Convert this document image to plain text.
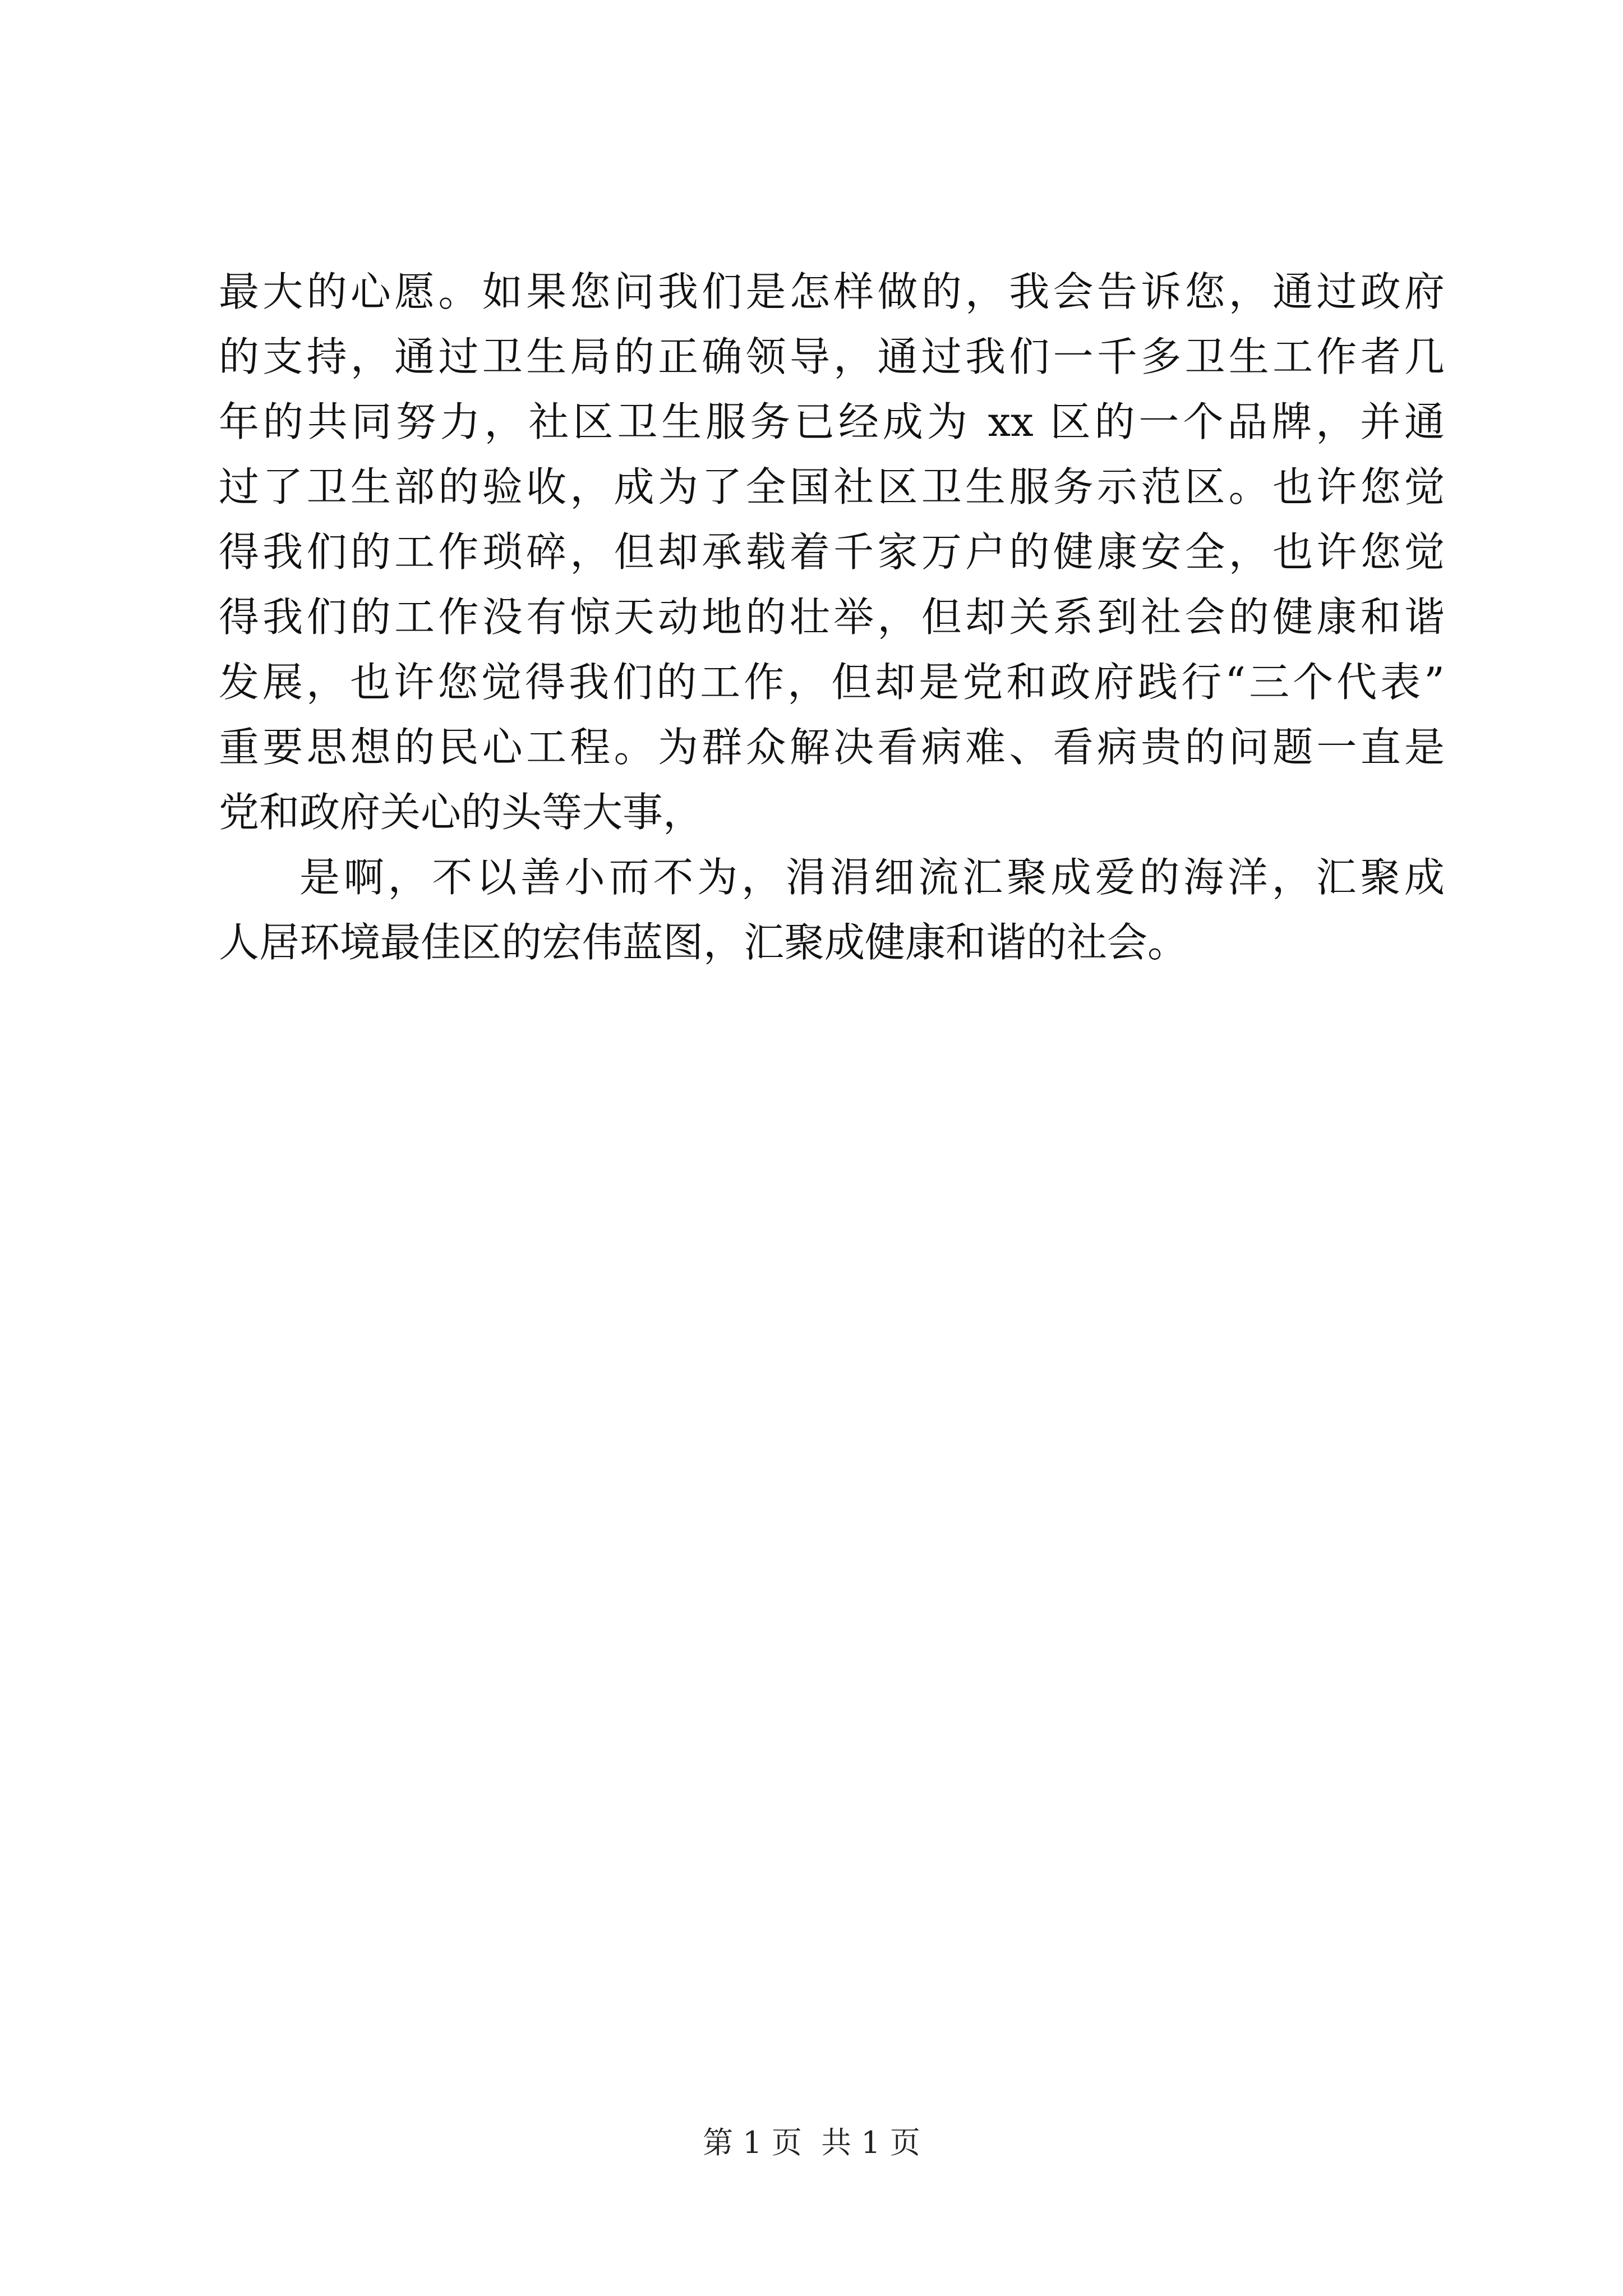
最大的心愿。如果您问我们是怎样做的，我会告诉您，通过政府
的支持，通过卫生局的正确领导，通过我们一千多卫生工作者几
年的共同努力，社区卫生服务已经成为 xx 区的一个品牌，并通
过了卫生部的验收，成为了全国社区卫生服务示范区。也许您觉
得我们的工作琐碎，但却承载着千家万户的健康安全，也许您觉
得我们的工作没有惊天动地的壮举，但却关系到社会的健康和谐
发展，也许您觉得我们的工作，但却是党和政府践行“三个代表”
重要思想的民心工程。为群众解决看病难、看病贵的问题一直是
党和政府关心的头等大事，
是啊，不以善小而不为，涓涓细流汇聚成爱的海洋，汇聚成
人居环境最佳区的宏伟蓝图，汇聚成健康和谐的社会。
第 1 页  共 1 页
